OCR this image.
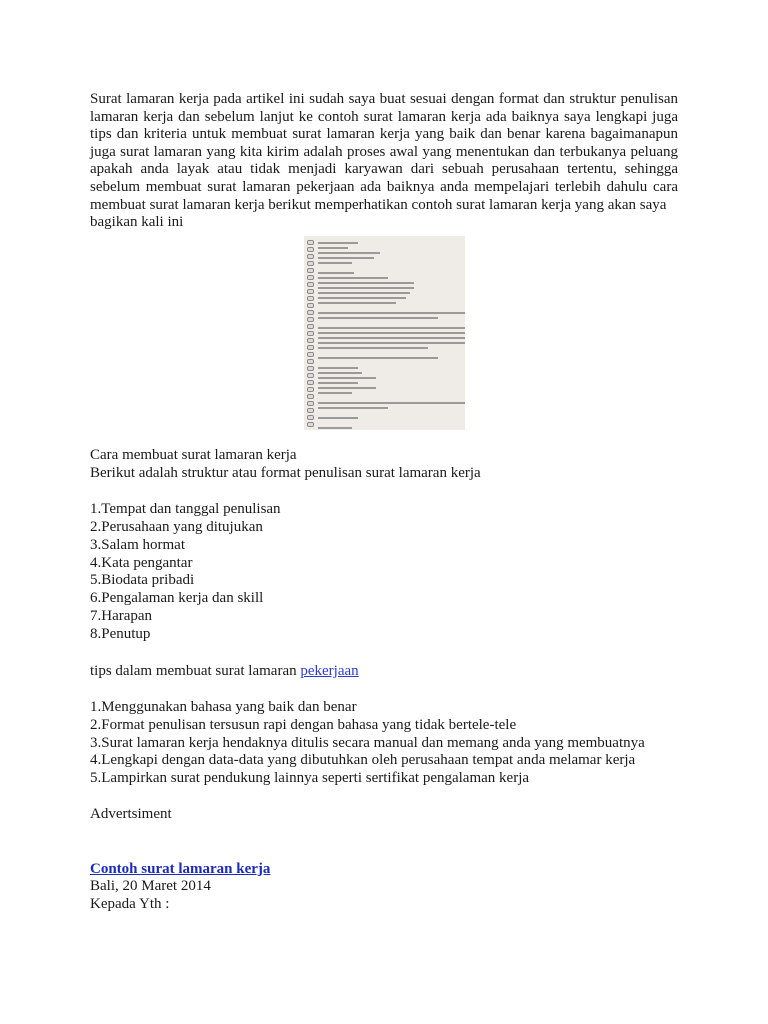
Surat lamaran kerja pada artikel ini sudah saya buat sesuai dengan format dan struktur penulisan lamaran kerja dan sebelum lanjut ke contoh surat lamaran kerja ada baiknya saya lengkapi juga tips dan kriteria untuk membuat surat lamaran kerja yang baik dan benar karena bagaimanapun juga surat lamaran yang kita kirim adalah proses awal yang menentukan dan terbukanya peluang apakah anda layak atau tidak menjadi karyawan dari sebuah perusahaan tertentu, sehingga sebelum membuat surat lamaran pekerjaan ada baiknya anda mempelajari terlebih dahulu cara membuat surat lamaran kerja berikut memperhatikan contoh surat lamaran kerja yang akan saya
bagikan kali ini

Cara membuat surat lamaran kerja

Berikut adalah struktur atau format penulisan surat lamaran kerja

1.Tempat dan tanggal penulisan

2.Perusahaan yang ditujukan

3.Salam hormat

4.Kata pengantar

5.Biodata pribadi

6.Pengalaman kerja dan skill

7.Harapan

8.Penutup

tips dalam membuat surat lamaran pekerjaan

1.Menggunakan bahasa yang baik dan benar

2.Format penulisan tersusun rapi dengan bahasa yang tidak bertele-tele

3.Surat lamaran kerja hendaknya ditulis secara manual dan memang anda yang membuatnya

4.Lengkapi dengan data-data yang dibutuhkan oleh perusahaan tempat anda melamar kerja

5.Lampirkan surat pendukung lainnya seperti sertifikat pengalaman kerja

Advertsiment

Contoh surat lamaran kerja

Bali, 20 Maret 2014

Kepada Yth :
